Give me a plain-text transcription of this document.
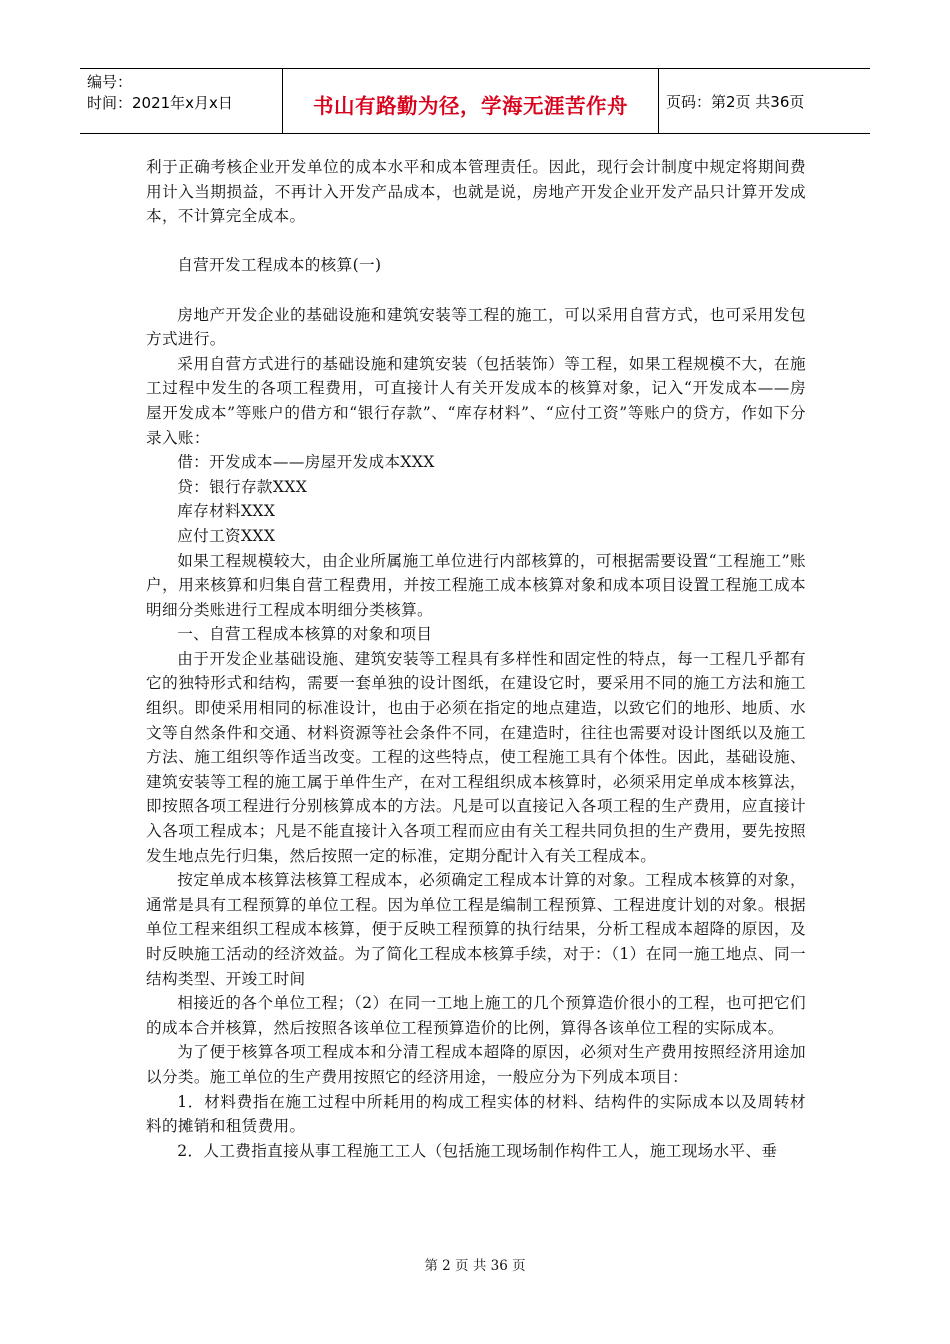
编号：
时间：2021年x月x日	书山有路勤为径，学海无涯苦作舟	页码：第2页 共36页

利于正确考核企业开发单位的成本水平和成本管理责任。因此，现行会计制度中规定将期间费用计入当期损益，不再计入开发产品成本，也就是说，房地产开发企业开发产品只计算开发成本，不计算完全成本。

自营开发工程成本的核算(一)

房地产开发企业的基础设施和建筑安装等工程的施工，可以采用自营方式，也可采用发包方式进行。

采用自营方式进行的基础设施和建筑安装（包括装饰）等工程，如果工程规模不大，在施工过程中发生的各项工程费用，可直接计人有关开发成本的核算对象，记入“开发成本——房屋开发成本”等账户的借方和“银行存款”、“库存材料”、“应付工资”等账户的贷方，作如下分录入账：

借：开发成本——房屋开发成本XXX

贷：银行存款XXX

库存材料XXX

应付工资XXX

如果工程规模较大，由企业所属施工单位进行内部核算的，可根据需要设置“工程施工”账户，用来核算和归集自营工程费用，并按工程施工成本核算对象和成本项目设置工程施工成本明细分类账进行工程成本明细分类核算。

一、自营工程成本核算的对象和项目

由于开发企业基础设施、建筑安装等工程具有多样性和固定性的特点，每一工程几乎都有它的独特形式和结构，需要一套单独的设计图纸，在建设它时，要采用不同的施工方法和施工组织。即使采用相同的标准设计，也由于必须在指定的地点建造，以致它们的地形、地质、水文等自然条件和交通、材料资源等社会条件不同，在建造时，往往也需要对设计图纸以及施工方法、施工组织等作适当改变。工程的这些特点，使工程施工具有个体性。因此，基础设施、建筑安装等工程的施工属于单件生产，在对工程组织成本核算时，必须采用定单成本核算法，即按照各项工程进行分别核算成本的方法。凡是可以直接记入各项工程的生产费用，应直接计入各项工程成本；凡是不能直接计入各项工程而应由有关工程共同负担的生产费用，要先按照发生地点先行归集，然后按照一定的标准，定期分配计入有关工程成本。

按定单成本核算法核算工程成本，必须确定工程成本计算的对象。工程成本核算的对象，通常是具有工程预算的单位工程。因为单位工程是编制工程预算、工程进度计划的对象。根据单位工程来组织工程成本核算，便于反映工程预算的执行结果，分析工程成本超降的原因，及时反映施工活动的经济效益。为了简化工程成本核算手续，对于：（1）在同一施工地点、同一结构类型、开竣工时间

相接近的各个单位工程；（2）在同一工地上施工的几个预算造价很小的工程，也可把它们的成本合并核算，然后按照各该单位工程预算造价的比例，算得各该单位工程的实际成本。

为了便于核算各项工程成本和分清工程成本超降的原因，必须对生产费用按照经济用途加以分类。施工单位的生产费用按照它的经济用途，一般应分为下列成本项目：

1．材料费指在施工过程中所耗用的构成工程实体的材料、结构件的实际成本以及周转材料的摊销和租赁费用。

2．人工费指直接从事工程施工工人（包括施工现场制作构件工人，施工现场水平、垂

第 2 页 共 36 页
